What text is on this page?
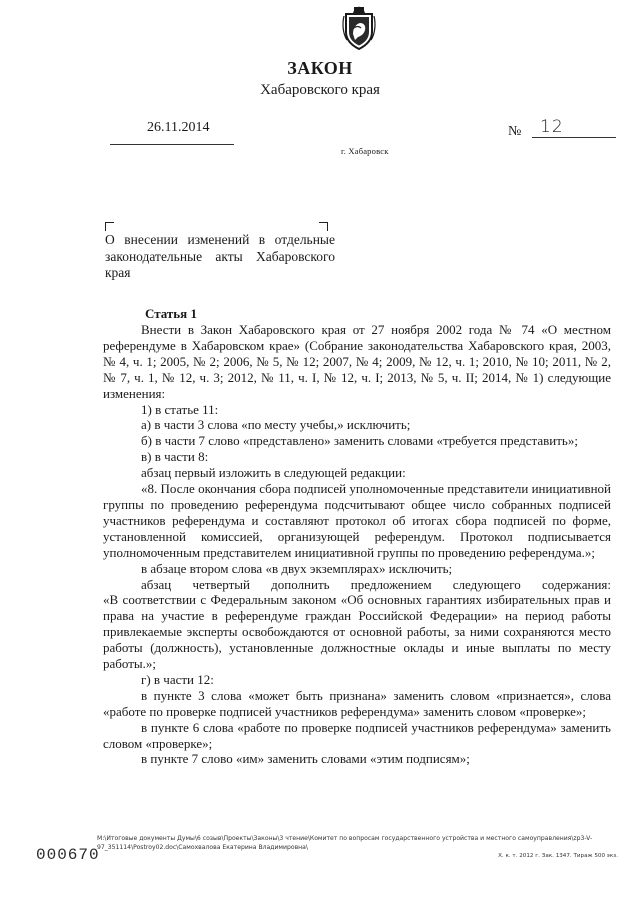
ЗАКОН
Хабаровского края
26.11.2014	№ 12
г. Хабаровск
О внесении изменений в отдельные законодательные акты Хабаровского края
Статья 1

Внести в Закон Хабаровского края от 27 ноября 2002 года № 74 «О местном референдуме в Хабаровском крае» (Собрание законодательства Хабаровского края, 2003, № 4, ч. 1; 2005, № 2; 2006, № 5, № 12; 2007, № 4; 2009, № 12, ч. 1; 2010, № 10; 2011, № 2, № 7, ч. 1, № 12, ч. 3; 2012, № 11, ч. I, № 12, ч. I; 2013, № 5, ч. II; 2014, № 1) следующие изменения:

1) в статье 11:

а) в части 3 слова «по месту учебы,» исключить;

б) в части 7 слово «представлено» заменить словами «требуется представить»;

в) в части 8:

абзац первый изложить в следующей редакции:

«8. После окончания сбора подписей уполномоченные представители инициативной группы по проведению референдума подсчитывают общее число собранных подписей участников референдума и составляют протокол об итогах сбора подписей по форме, установленной комиссией, организующей референдум. Протокол подписывается уполномоченным представителем инициативной группы по проведению референдума.»;

в абзаце втором слова «в двух экземплярах» исключить;

абзац четвертый дополнить предложением следующего содержания:

«В соответствии с Федеральным законом «Об основных гарантиях избирательных прав и права на участие в референдуме граждан Российской Федерации» на период работы привлекаемые эксперты освобождаются от основной работы, за ними сохраняются место работы (должность), установленные должностные оклады и иные выплаты по месту работы.»;

г) в части 12:

в пункте 3 слова «может быть признана» заменить словом «признается», слова «работе по проверке подписей участников референдума» заменить словом «проверке»;

в пункте 6 слова «работе по проверке подписей участников референдума» заменить словом «проверке»;

в пункте 7 слово «им» заменить словами «этим подписям»;

M:\Итоговые документы Думы\6 созыв\Проекты\Законы\3 чтение\Комитет по вопросам государственного устройства и местного самоуправления\zp3-V-
97_351114\Postroy02.doc\Самохвалова Екатерина Владимировна\
000670	Х. к. т. 2012 г. Зак. 1347. Тираж 500 экз.
